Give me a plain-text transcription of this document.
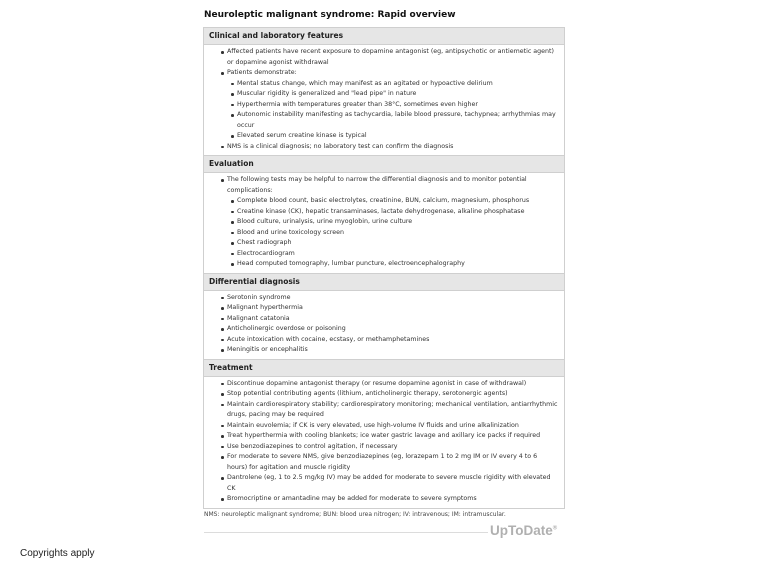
Neuroleptic malignant syndrome: Rapid overview
Clinical and laboratory features
Affected patients have recent exposure to dopamine antagonist (eg, antipsychotic or antiemetic agent) or dopamine agonist withdrawal
Patients demonstrate:
Mental status change, which may manifest as an agitated or hypoactive delirium
Muscular rigidity is generalized and "lead pipe" in nature
Hyperthermia with temperatures greater than 38°C, sometimes even higher
Autonomic instability manifesting as tachycardia, labile blood pressure, tachypnea; arrhythmias may occur
Elevated serum creatine kinase is typical
NMS is a clinical diagnosis; no laboratory test can confirm the diagnosis
Evaluation
The following tests may be helpful to narrow the differential diagnosis and to monitor potential complications:
Complete blood count, basic electrolytes, creatinine, BUN, calcium, magnesium, phosphorus
Creatine kinase (CK), hepatic transaminases, lactate dehydrogenase, alkaline phosphatase
Blood culture, urinalysis, urine myoglobin, urine culture
Blood and urine toxicology screen
Chest radiograph
Electrocardiogram
Head computed tomography, lumbar puncture, electroencephalography
Differential diagnosis
Serotonin syndrome
Malignant hyperthermia
Malignant catatonia
Anticholinergic overdose or poisoning
Acute intoxication with cocaine, ecstasy, or methamphetamines
Meningitis or encephalitis
Treatment
Discontinue dopamine antagonist therapy (or resume dopamine agonist in case of withdrawal)
Stop potential contributing agents (lithium, anticholinergic therapy, serotonergic agents)
Maintain cardiorespiratory stability; cardiorespiratory monitoring; mechanical ventilation, antiarrhythmic drugs, pacing may be required
Maintain euvolemia; if CK is very elevated, use high-volume IV fluids and urine alkalinization
Treat hyperthermia with cooling blankets; ice water gastric lavage and axillary ice packs if required
Use benzodiazepines to control agitation, if necessary
For moderate to severe NMS, give benzodiazepines (eg, lorazepam 1 to 2 mg IM or IV every 4 to 6 hours) for agitation and muscle rigidity
Dantrolene (eg, 1 to 2.5 mg/kg IV) may be added for moderate to severe muscle rigidity with elevated CK
Bromocriptine or amantadine may be added for moderate to severe symptoms
NMS: neuroleptic malignant syndrome; BUN: blood urea nitrogen; IV: intravenous; IM: intramuscular.
UpToDate®
Copyrights apply
